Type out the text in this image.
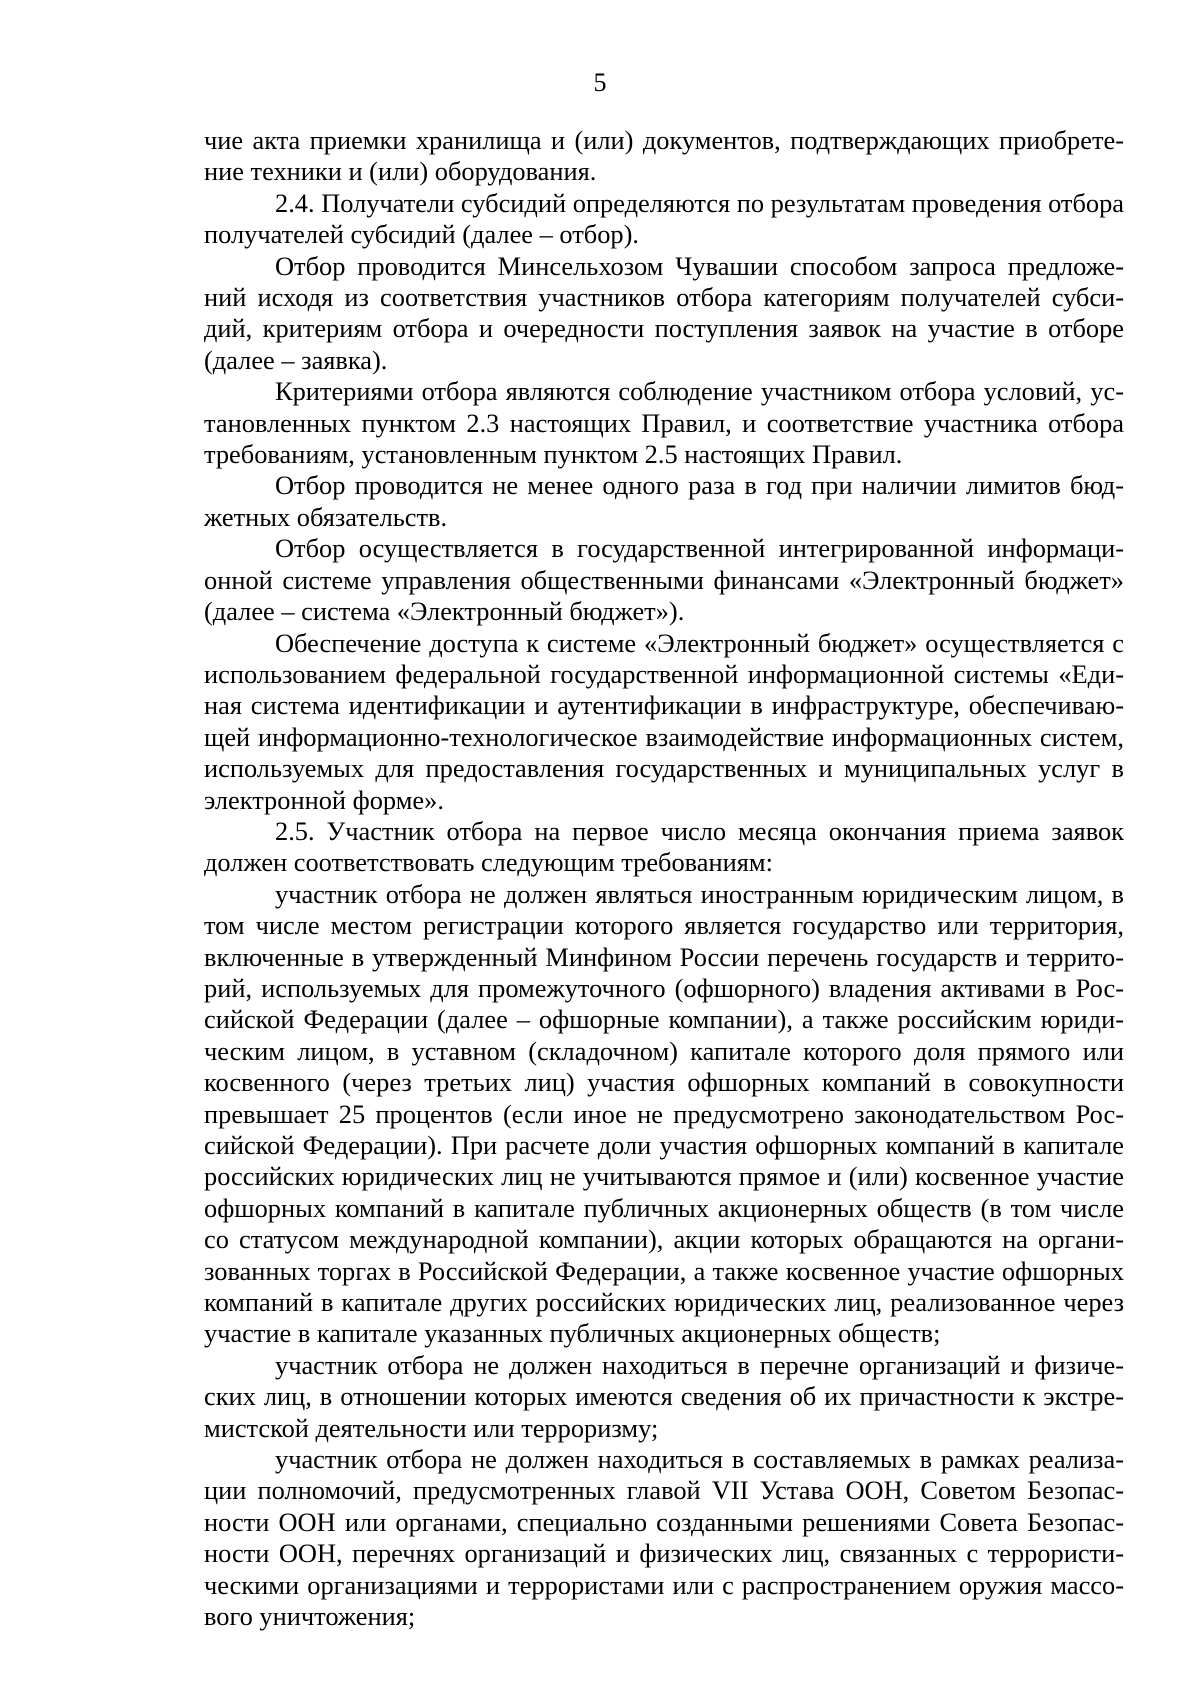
5

чие акта приемки хранилища и (или) документов, подтверждающих приобретение техники и (или) оборудования.

2.4. Получатели субсидий определяются по результатам проведения отбора получателей субсидий (далее – отбор).

Отбор проводится Минсельхозом Чувашии способом запроса предложений исходя из соответствия участников отбора категориям получателей субсидий, критериям отбора и очередности поступления заявок на участие в отборе (далее – заявка).

Критериями отбора являются соблюдение участником отбора условий, установленных пунктом 2.3 настоящих Правил, и соответствие участника отбора требованиям, установленным пунктом 2.5 настоящих Правил.

Отбор проводится не менее одного раза в год при наличии лимитов бюджетных обязательств.

Отбор осуществляется в государственной интегрированной информационной системе управления общественными финансами «Электронный бюджет» (далее – система «Электронный бюджет»).

Обеспечение доступа к системе «Электронный бюджет» осуществляется с использованием федеральной государственной информационной системы «Единая система идентификации и аутентификации в инфраструктуре, обеспечивающей информационно-технологическое взаимодействие информационных систем, используемых для предоставления государственных и муниципальных услуг в электронной форме».

2.5. Участник отбора на первое число месяца окончания приема заявок должен соответствовать следующим требованиям:

участник отбора не должен являться иностранным юридическим лицом, в том числе местом регистрации которого является государство или территория, включенные в утвержденный Минфином России перечень государств и территорий, используемых для промежуточного (офшорного) владения активами в Российской Федерации (далее – офшорные компании), а также российским юридическим лицом, в уставном (складочном) капитале которого доля прямого или косвенного (через третьих лиц) участия офшорных компаний в совокупности превышает 25 процентов (если иное не предусмотрено законодательством Российской Федерации). При расчете доли участия офшорных компаний в капитале российских юридических лиц не учитываются прямое и (или) косвенное участие офшорных компаний в капитале публичных акционерных обществ (в том числе со статусом международной компании), акции которых обращаются на организованных торгах в Российской Федерации, а также косвенное участие офшорных компаний в капитале других российских юридических лиц, реализованное через участие в капитале указанных публичных акционерных обществ;

участник отбора не должен находиться в перечне организаций и физических лиц, в отношении которых имеются сведения об их причастности к экстремистской деятельности или терроризму;

участник отбора не должен находиться в составляемых в рамках реализации полномочий, предусмотренных главой VII Устава ООН, Советом Безопасности ООН или органами, специально созданными решениями Совета Безопасности ООН, перечнях организаций и физических лиц, связанных с террористическими организациями и террористами или с распространением оружия массового уничтожения;
